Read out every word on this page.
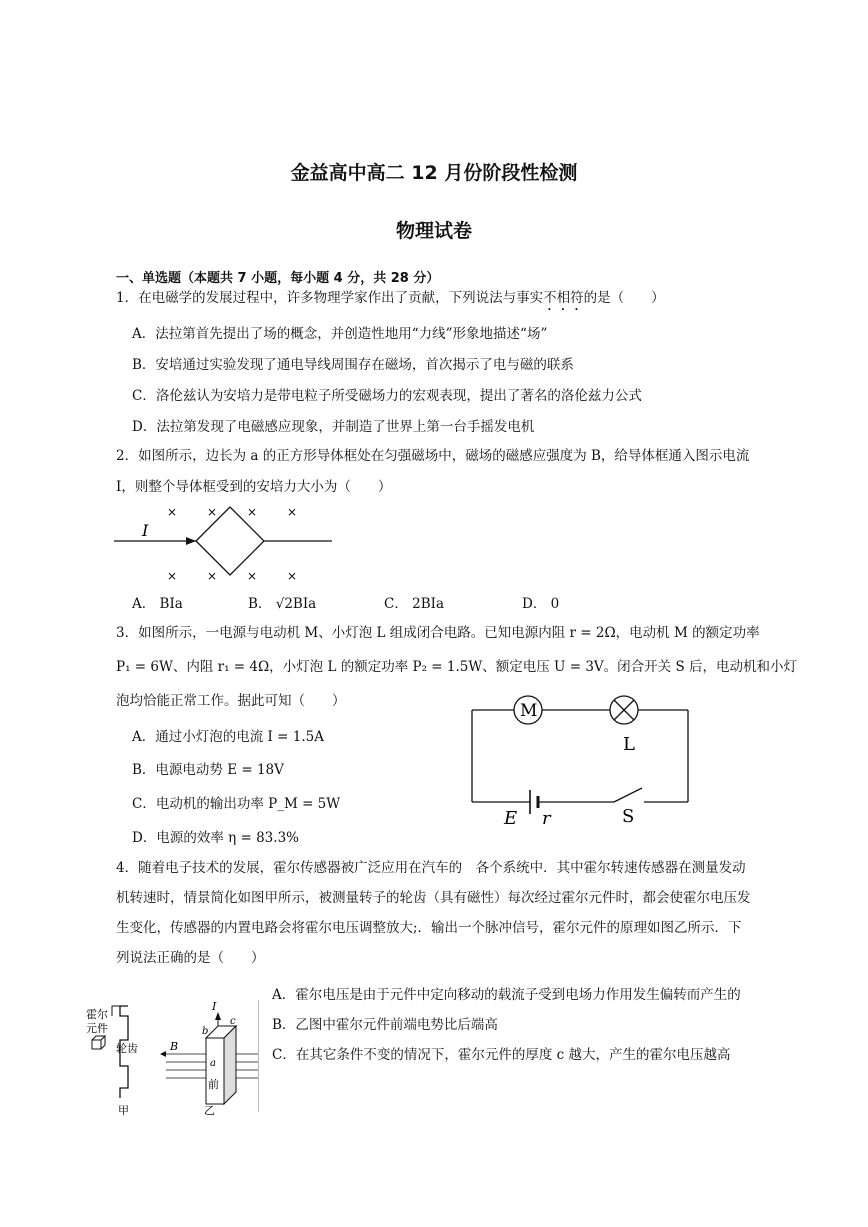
金益高中高二 12 月份阶段性检测
物理试卷
一、单选题（本题共 7 小题，每小题 4 分，共 28 分）
1．在电磁学的发展过程中，许多物理学家作出了贡献，下列说法与事实不相符的是（　　）
A．法拉第首先提出了场的概念，并创造性地用“力线”形象地描述“场”
B．安培通过实验发现了通电导线周围存在磁场，首次揭示了电与磁的联系
C．洛伦兹认为安培力是带电粒子所受磁场力的宏观表现，提出了著名的洛伦兹力公式
D．法拉第发现了电磁感应现象，并制造了世界上第一台手摇发电机
2．如图所示，边长为 a 的正方形导体框处在匀强磁场中，磁场的磁感应强度为 B，给导体框通入图示电流
I，则整个导体框受到的安培力大小为（　　）
I
× × × ×
× × × ×
A． BIa	B． √2BIa	C． 2BIa	D． 0
3．如图所示，一电源与电动机 M、小灯泡 L 组成闭合电路。已知电源内阻 r = 2Ω，电动机 M 的额定功率
P₁ = 6W、内阻 r₁ = 4Ω，小灯泡 L 的额定功率 P₂ = 1.5W、额定电压 U = 3V。闭合开关 S 后，电动机和小灯
泡均恰能正常工作。据此可知（　　）
A．通过小灯泡的电流 I = 1.5A
B．电源电动势 E = 18V
C．电动机的输出功率 P_M = 5W
D．电源的效率 η = 83.3%
M
L
E r	S
4．随着电子技术的发展，霍尔传感器被广泛应用在汽车的　各个系统中．其中霍尔转速传感器在测量发动
机转速时，情景简化如图甲所示，被测量转子的轮齿（具有磁性）每次经过霍尔元件时，都会使霍尔电压发
生变化，传感器的内置电路会将霍尔电压调整放大;．输出一个脉冲信号，霍尔元件的原理如图乙所示．下
列说法正确的是（　　）
A．霍尔电压是由于元件中定向移动的载流子受到电场力作用发生偏转而产生的
B．乙图中霍尔元件前端电势比后端高
C．在其它条件不变的情况下，霍尔元件的厚度 c 越大，产生的霍尔电压越高
霍尔
元件
轮齿
甲
I
B
c
b
a
前
乙
